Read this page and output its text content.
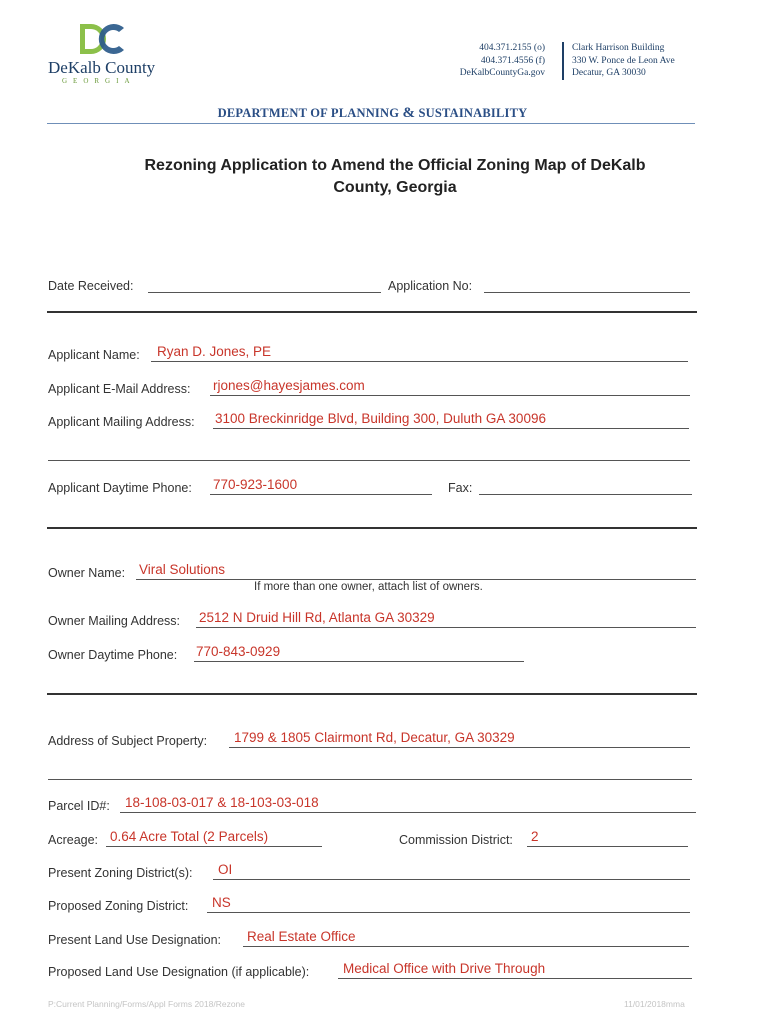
DeKalb County
GEORGIA
404.371.2155 (o)
404.371.4556 (f)
DeKalbCountyGa.gov
Clark Harrison Building
330 W. Ponce de Leon Ave
Decatur, GA 30030
DEPARTMENT OF PLANNING & SUSTAINABILITY
Rezoning Application to Amend the Official Zoning Map of DeKalb
County, Georgia
Date Received:	Application No:
Applicant Name: Ryan D. Jones, PE
Applicant E-Mail Address: rjones@hayesjames.com
Applicant Mailing Address: 3100 Breckinridge Blvd, Building 300, Duluth GA 30096
Applicant Daytime Phone: 770-923-1600	Fax:
Owner Name: Viral Solutions
If more than one owner, attach list of owners.
Owner Mailing Address: 2512 N Druid Hill Rd, Atlanta GA 30329
Owner Daytime Phone: 770-843-0929
Address of Subject Property: 1799 & 1805 Clairmont Rd, Decatur, GA 30329
Parcel ID#: 18-108-03-017 & 18-103-03-018
Acreage: 0.64 Acre Total (2 Parcels)	Commission District: 2
Present Zoning District(s): OI
Proposed Zoning District: NS
Present Land Use Designation: Real Estate Office
Proposed Land Use Designation (if applicable): Medical Office with Drive Through
P:Current Planning/Forms/Appl Forms 2018/Rezone	11/01/2018mma
